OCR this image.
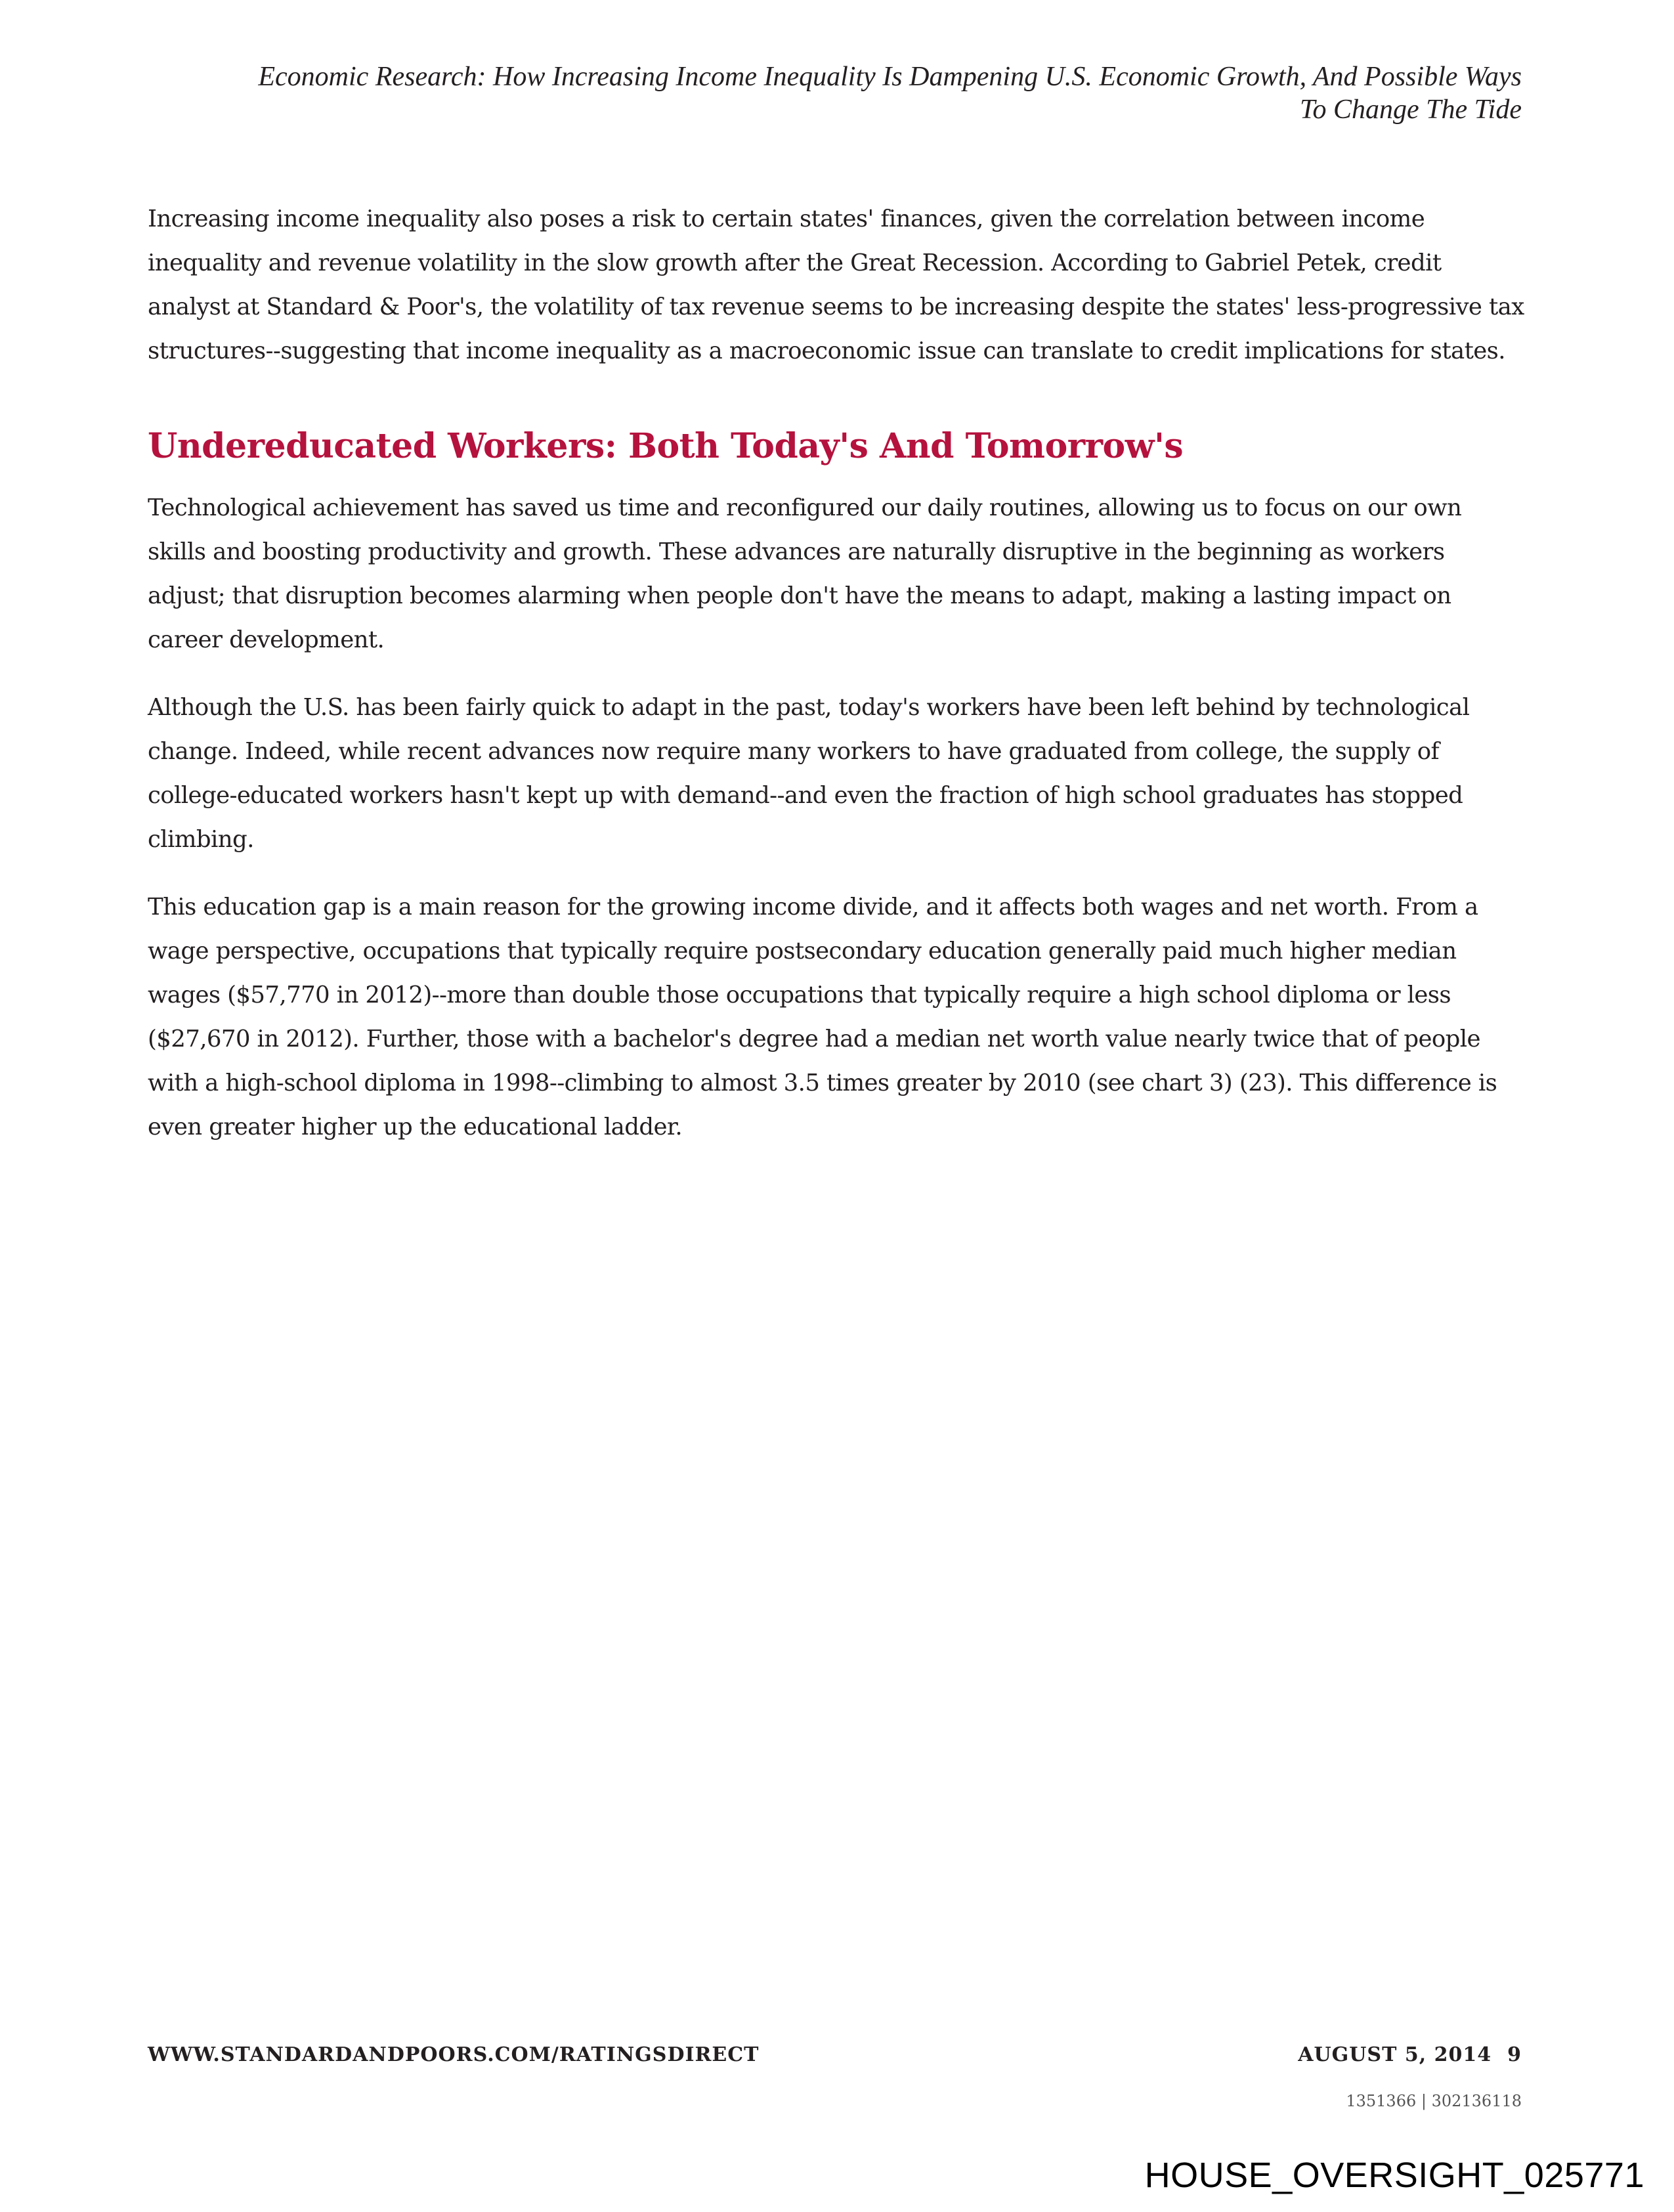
Economic Research: How Increasing Income Inequality Is Dampening U.S. Economic Growth, And Possible Ways
To Change The Tide

Increasing income inequality also poses a risk to certain states' finances, given the correlation between income
inequality and revenue volatility in the slow growth after the Great Recession. According to Gabriel Petek, credit
analyst at Standard & Poor's, the volatility of tax revenue seems to be increasing despite the states' less-progressive tax
structures--suggesting that income inequality as a macroeconomic issue can translate to credit implications for states.

Undereducated Workers: Both Today's And Tomorrow's

Technological achievement has saved us time and reconfigured our daily routines, allowing us to focus on our own
skills and boosting productivity and growth. These advances are naturally disruptive in the beginning as workers
adjust; that disruption becomes alarming when people don't have the means to adapt, making a lasting impact on
career development.

Although the U.S. has been fairly quick to adapt in the past, today's workers have been left behind by technological
change. Indeed, while recent advances now require many workers to have graduated from college, the supply of
college-educated workers hasn't kept up with demand--and even the fraction of high school graduates has stopped
climbing.

This education gap is a main reason for the growing income divide, and it affects both wages and net worth. From a
wage perspective, occupations that typically require postsecondary education generally paid much higher median
wages ($57,770 in 2012)--more than double those occupations that typically require a high school diploma or less
($27,670 in 2012). Further, those with a bachelor's degree had a median net worth value nearly twice that of people
with a high-school diploma in 1998--climbing to almost 3.5 times greater by 2010 (see chart 3) (23). This difference is
even greater higher up the educational ladder.

WWW.STANDARDANDPOORS.COM/RATINGSDIRECT	AUGUST 5, 2014 9
1351366 | 302136118
HOUSE_OVERSIGHT_025771
